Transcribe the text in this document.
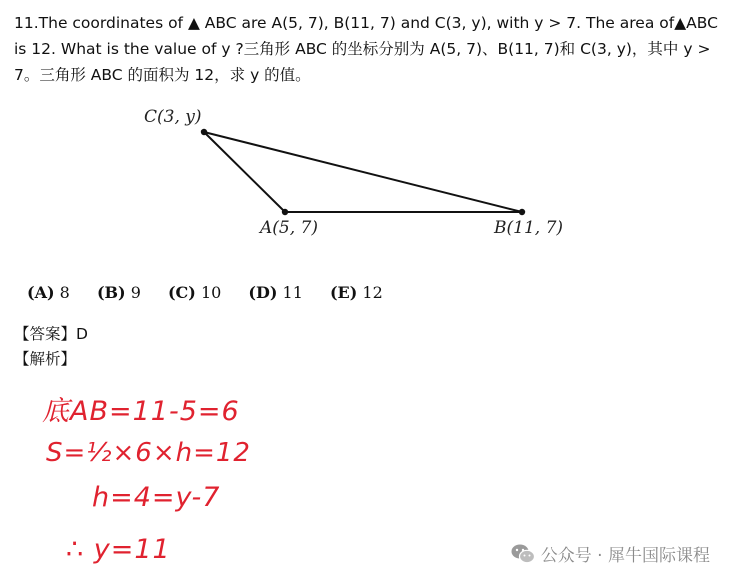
11.The coordinates of ▲ ABC are A(5, 7), B(11, 7) and C(3, y), with y > 7. The area of▲ABC is 12. What is the value of y ?三角形 ABC 的坐标分别为 A(5, 7)、B(11, 7)和 C(3, y)，其中 y > 7。三角形 ABC 的面积为 12，求 y 的值。

C(3, y)
A(5, 7)	B(11, 7)
(A) 8 (B) 9 (C) 10 (D) 11 (E) 12
【答案】D
【解析】
底AB=11-5=6
S=½×6×h=12
h=4=y-7
∴ y=11	公众号 · 犀牛国际课程
